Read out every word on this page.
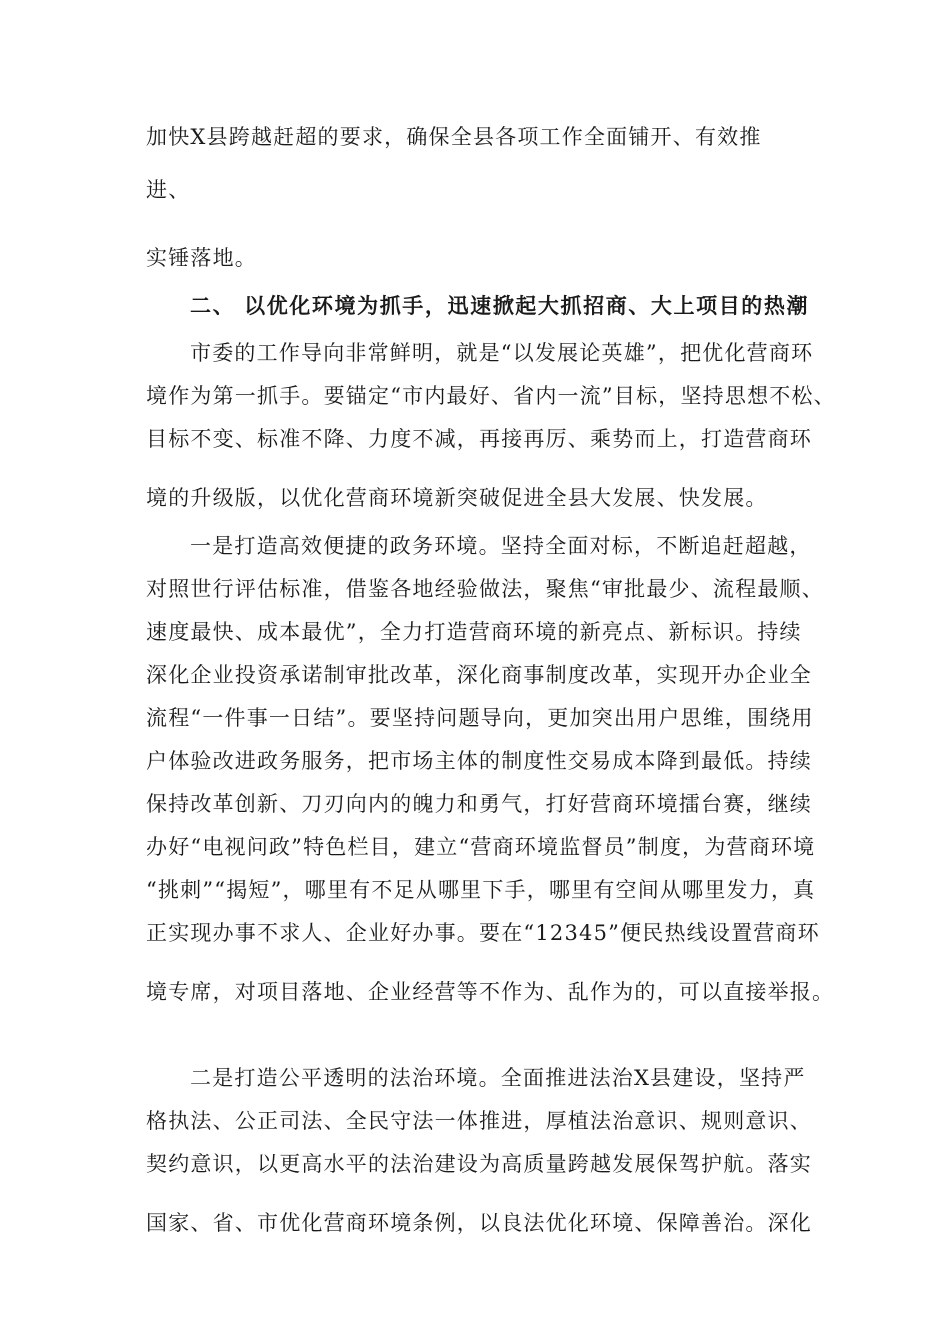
加快X县跨越赶超的要求，确保全县各项工作全面铺开、有效推
进、
实锤落地。
二、 以优化环境为抓手，迅速掀起大抓招商、大上项目的热潮
市委的工作导向非常鲜明，就是“以发展论英雄”，把优化营商环
境作为第一抓手。要锚定“市内最好、省内一流”目标，坚持思想不松、
目标不变、标准不降、力度不减，再接再厉、乘势而上，打造营商环
境的升级版，以优化营商环境新突破促进全县大发展、快发展。
一是打造高效便捷的政务环境。坚持全面对标，不断追赶超越，
对照世行评估标准，借鉴各地经验做法，聚焦“审批最少、流程最顺、
速度最快、成本最优”，全力打造营商环境的新亮点、新标识。持续
深化企业投资承诺制审批改革，深化商事制度改革，实现开办企业全
流程“一件事一日结”。要坚持问题导向，更加突出用户思维，围绕用
户体验改进政务服务，把市场主体的制度性交易成本降到最低。持续
保持改革创新、刀刃向内的魄力和勇气，打好营商环境擂台赛，继续
办好“电视问政”特色栏目，建立“营商环境监督员”制度，为营商环境
“挑刺”“揭短”，哪里有不足从哪里下手，哪里有空间从哪里发力，真
正实现办事不求人、企业好办事。要在“12345”便民热线设置营商环
境专席，对项目落地、企业经营等不作为、乱作为的，可以直接举报。
二是打造公平透明的法治环境。全面推进法治X县建设，坚持严
格执法、公正司法、全民守法一体推进，厚植法治意识、规则意识、
契约意识，以更高水平的法治建设为高质量跨越发展保驾护航。落实
国家、省、市优化营商环境条例，以良法优化环境、保障善治。深化
